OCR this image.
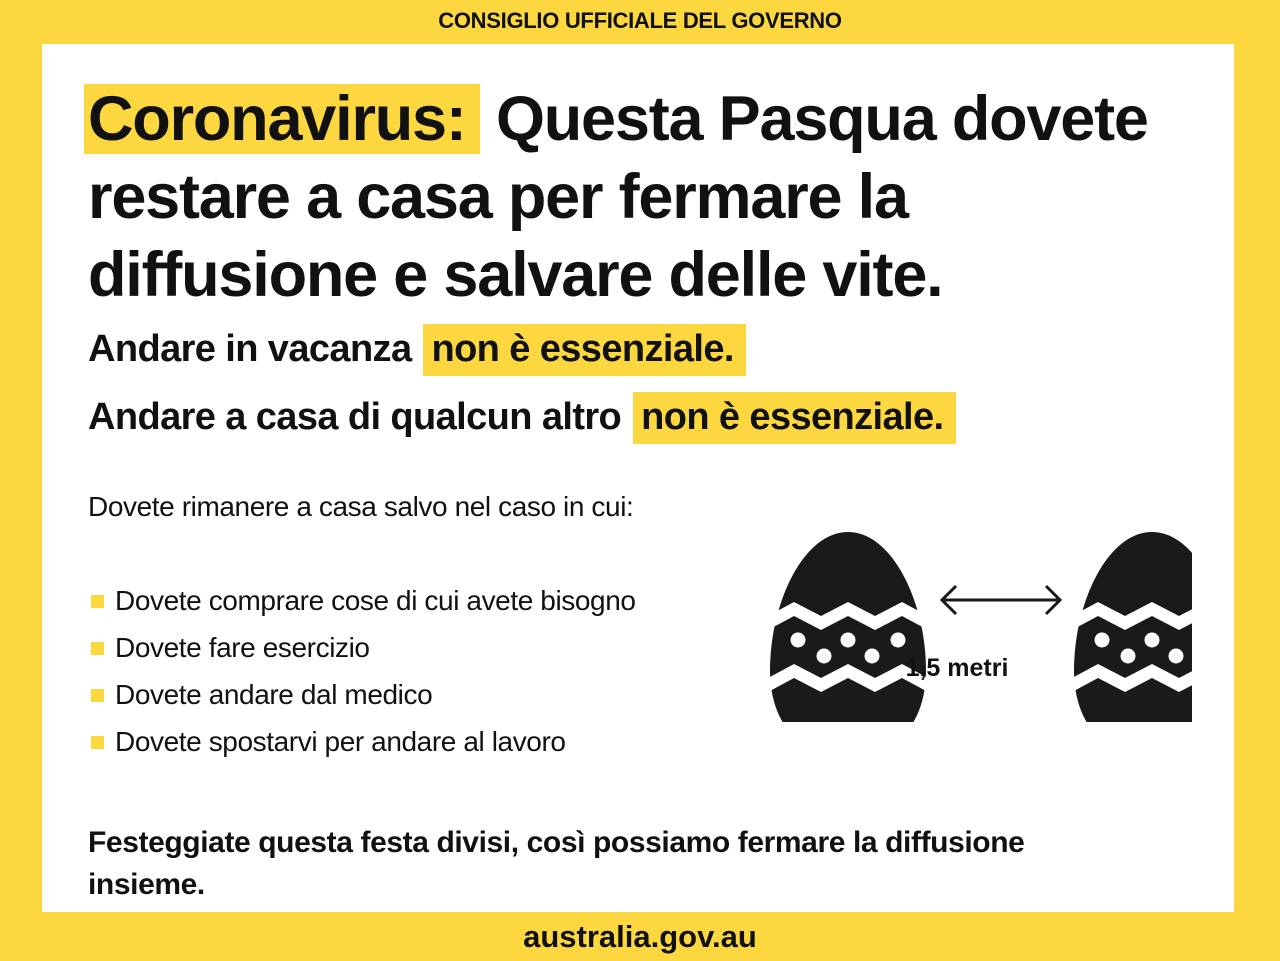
CONSIGLIO UFFICIALE DEL GOVERNO
Coronavirus: Questa Pasqua dovete restare a casa per fermare la diffusione e salvare delle vite.

Andare in vacanza non è essenziale.

Andare a casa di qualcun altro non è essenziale.

Dovete rimanere a casa salvo nel caso in cui:

Dovete comprare cose di cui avete bisogno
Dovete fare esercizio
Dovete andare dal medico
Dovete spostarvi per andare al lavoro
1,5 metri

Festeggiate questa festa divisi, così possiamo fermare la diffusione insieme.

australia.gov.au
